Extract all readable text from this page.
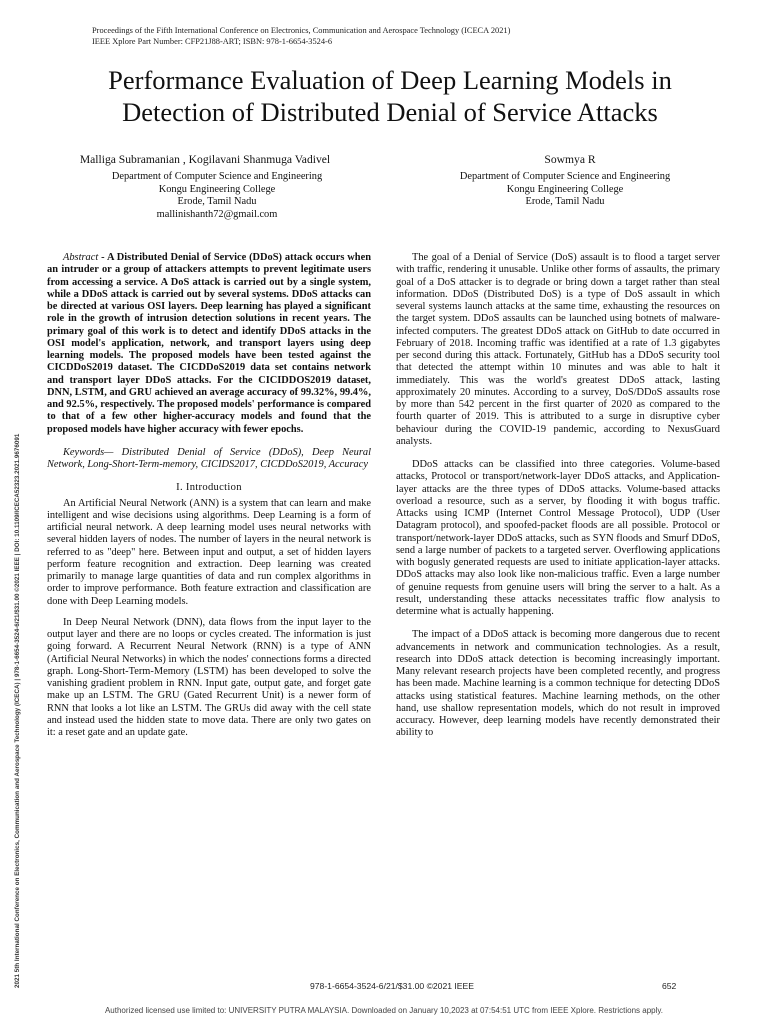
Proceedings of the Fifth International Conference on Electronics, Communication and Aerospace Technology (ICECA 2021)
IEEE Xplore Part Number: CFP21J88-ART; ISBN: 978-1-6654-3524-6
2021 5th International Conference on Electronics, Communication and Aerospace Technology (ICECA) | 978-1-6654-3524-6/21/$31.00 ©2021 IEEE | DOI: 10.1109/ICECA52323.2021.9676091
Performance Evaluation of Deep Learning Models in
Detection of Distributed Denial of Service Attacks
Malliga Subramanian , Kogilavani Shanmuga Vadivel	Sowmya R
Department of Computer Science and Engineering
Kongu Engineering College
Erode, Tamil Nadu
mallinishanth72@gmail.com
Department of Computer Science and Engineering
Kongu Engineering College
Erode, Tamil Nadu

Abstract - A Distributed Denial of Service (DDoS) attack occurs when an intruder or a group of attackers attempts to prevent legitimate users from accessing a service. A DoS attack is carried out by a single system, while a DDoS attack is carried out by several systems. DDoS attacks can be directed at various OSI layers. Deep learning has played a significant role in the growth of intrusion detection solutions in recent years. The primary goal of this work is to detect and identify DDoS attacks in the OSI model's application, network, and transport layers using deep learning models. The proposed models have been tested against the CICDDoS2019 dataset. The CICDDoS2019 data set contains network and transport layer DDoS attacks. For the CICIDDOS2019 dataset, DNN, LSTM, and GRU achieved an average accuracy of 99.32%, 99.4%, and 92.5%, respectively. The proposed models' performance is compared to that of a few other higher-accuracy models and found that the proposed models have higher accuracy with fewer epochs.

Keywords— Distributed Denial of Service (DDoS), Deep Neural Network, Long-Short-Term-memory, CICIDS2017, CICDDoS2019, Accuracy

I. Introduction

An Artificial Neural Network (ANN) is a system that can learn and make intelligent and wise decisions using algorithms. Deep Learning is a form of artificial neural network. A deep learning model uses neural networks with several hidden layers of nodes. The number of layers in the neural network is referred to as "deep" here. Between input and output, a set of hidden layers perform feature recognition and extraction. Deep learning was created primarily to manage large quantities of data and run complex algorithms in order to improve performance. Both feature extraction and classification are done with Deep Learning models.

In Deep Neural Network (DNN), data flows from the input layer to the output layer and there are no loops or cycles created. The information is just going forward. A Recurrent Neural Network (RNN) is a type of ANN (Artificial Neural Networks) in which the nodes' connections forms a directed graph. Long-Short-Term-Memory (LSTM) has been developed to solve the vanishing gradient problem in RNN. Input gate, output gate, and forget gate make up an LSTM. The GRU (Gated Recurrent Unit) is a newer form of RNN that looks a lot like an LSTM. The GRUs did away with the cell state and instead used the hidden state to move data. There are only two gates on it: a reset gate and an update gate.

The goal of a Denial of Service (DoS) assault is to flood a target server with traffic, rendering it unusable. Unlike other forms of assaults, the primary goal of a DoS attacker is to degrade or bring down a target rather than steal information. DDoS (Distributed DoS) is a type of DoS assault in which several systems launch attacks at the same time, exhausting the resources on the target system. DDoS assaults can be launched using botnets of malware-infected computers. The greatest DDoS attack on GitHub to date occurred in February of 2018. Incoming traffic was identified at a rate of 1.3 gigabytes per second during this attack. Fortunately, GitHub has a DDoS security tool that detected the attempt within 10 minutes and was able to halt it immediately. This was the world's greatest DDoS attack, lasting approximately 20 minutes. According to a survey, DoS/DDoS assaults rose by more than 542 percent in the first quarter of 2020 as compared to the fourth quarter of 2019. This is attributed to a surge in disruptive cyber behaviour during the COVID-19 pandemic, according to NexusGuard analysts.

DDoS attacks can be classified into three categories. Volume-based attacks, Protocol or transport/network-layer DDoS attacks, and Application-layer attacks are the three types of DDoS attacks. Volume-based attacks overload a resource, such as a server, by flooding it with bogus traffic. Attacks using ICMP (Internet Control Message Protocol), UDP (User Datagram protocol), and spoofed-packet floods are all possible. Protocol or transport/network-layer DDoS attacks, such as SYN floods and Smurf DDoS, send a large number of packets to a targeted server. Overflowing applications with bogusly generated requests are used to initiate application-layer attacks. DDoS attacks may also look like non-malicious traffic. Even a large number of genuine requests from genuine users will bring the server to a halt. As a result, understanding these attacks necessitates traffic flow analysis to determine what is actually happening.

The impact of a DDoS attack is becoming more dangerous due to recent advancements in network and communication technologies. As a result, research into DDoS attack detection is becoming increasingly important. Many relevant research projects have been completed recently, and progress has been made. Machine learning is a common technique for detecting DDoS attacks using statistical features. Machine learning methods, on the other hand, use shallow representation models, which do not result in improved accuracy. However, deep learning models have recently demonstrated their ability to

978-1-6654-3524-6/21/$31.00 ©2021 IEEE	652
Authorized licensed use limited to: UNIVERSITY PUTRA MALAYSIA. Downloaded on January 10,2023 at 07:54:51 UTC from IEEE Xplore. Restrictions apply.
